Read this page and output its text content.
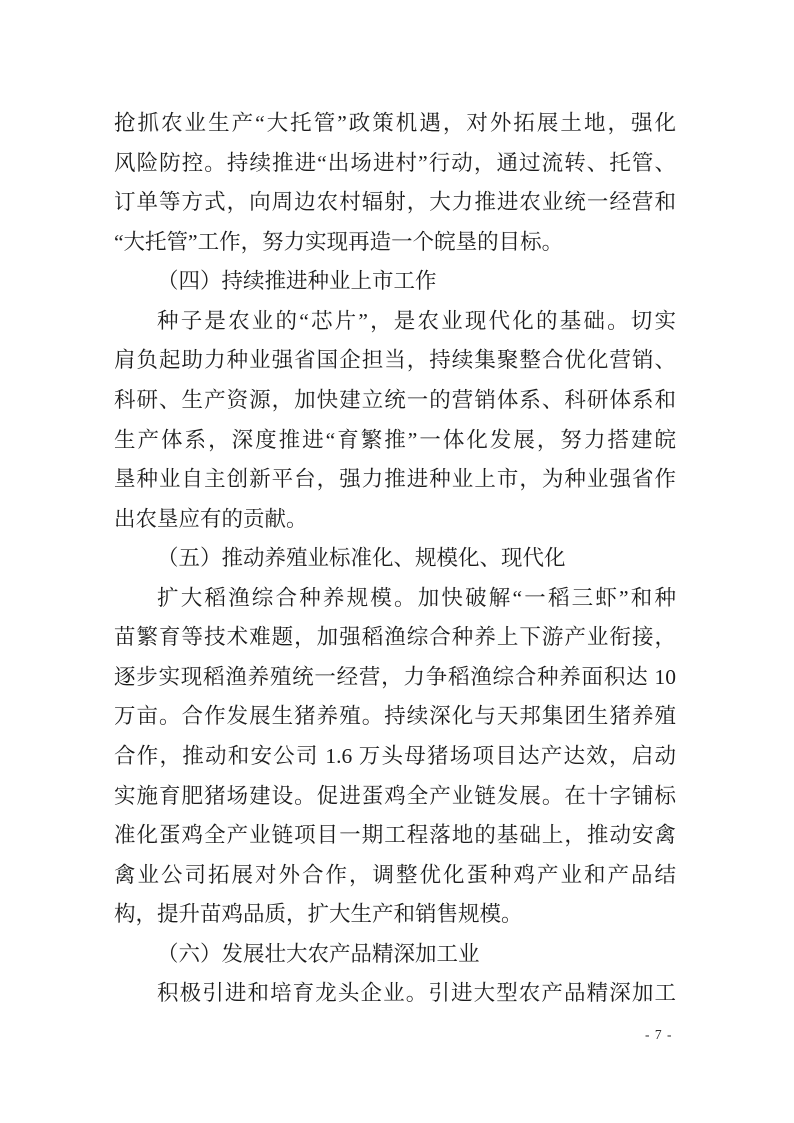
抢抓农业生产“大托管”政策机遇，对外拓展土地，强化
风险防控。持续推进“出场进村”行动，通过流转、托管、
订单等方式，向周边农村辐射，大力推进农业统一经营和
“大托管”工作，努力实现再造一个皖垦的目标。
（四）持续推进种业上市工作
种子是农业的“芯片”，是农业现代化的基础。切实
肩负起助力种业强省国企担当，持续集聚整合优化营销、
科研、生产资源，加快建立统一的营销体系、科研体系和
生产体系，深度推进“育繁推”一体化发展，努力搭建皖
垦种业自主创新平台，强力推进种业上市，为种业强省作
出农垦应有的贡献。
（五）推动养殖业标准化、规模化、现代化
扩大稻渔综合种养规模。加快破解“一稻三虾”和种
苗繁育等技术难题，加强稻渔综合种养上下游产业衔接，
逐步实现稻渔养殖统一经营，力争稻渔综合种养面积达 10
万亩。合作发展生猪养殖。持续深化与天邦集团生猪养殖
合作，推动和安公司 1.6 万头母猪场项目达产达效，启动
实施育肥猪场建设。促进蛋鸡全产业链发展。在十字铺标
准化蛋鸡全产业链项目一期工程落地的基础上，推动安禽
禽业公司拓展对外合作，调整优化蛋种鸡产业和产品结
构，提升苗鸡品质，扩大生产和销售规模。
（六）发展壮大农产品精深加工业
积极引进和培育龙头企业。引进大型农产品精深加工
- 7 -
